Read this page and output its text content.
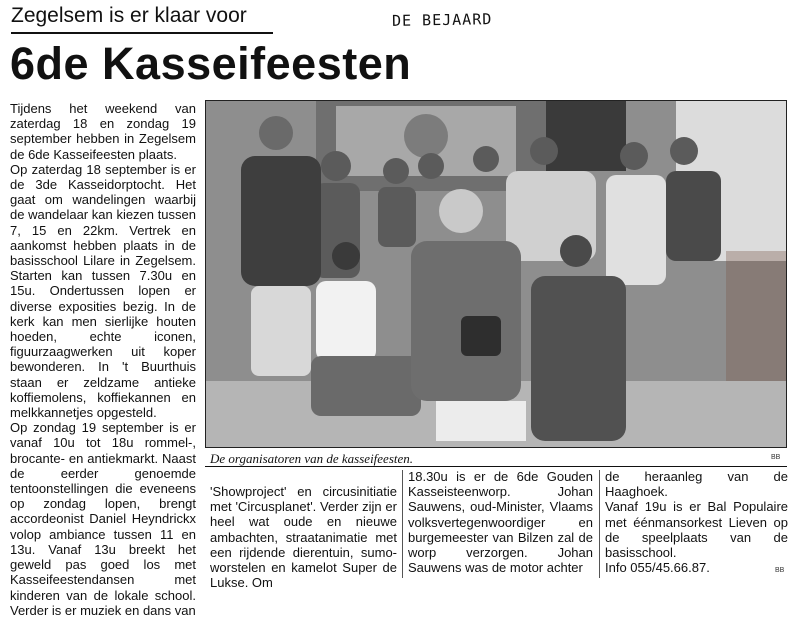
Zegelsem is er klaar voor	DE BEJAARD
6de Kasseifeesten

Tijdens het weekend van zaterdag 18 en zondag 19 september hebben in Zegelsem de 6de Kasseifeesten plaats.

Op zaterdag 18 september is er de 3de Kasseidorptocht. Het gaat om wandelingen waarbij de wandelaar kan kiezen tussen 7, 15 en 22km. Vertrek en aankomst hebben plaats in de basisschool Lilare in Zegelsem. Starten kan tussen 7.30u en 15u. Ondertussen lopen er diverse exposities bezig. In de kerk kan men sierlijke houten hoeden, echte iconen, figuurzaagwerken uit koper bewonderen. In 't Buurthuis staan er zeldzame antieke koffiemolens, koffiekannen en melkkannetjes opgesteld.

Op zondag 19 september is er vanaf 10u tot 18u rommel-, brocante- en antiekmarkt. Naast de eerder genoemde tentoonstellingen die eveneens op zondag lopen, brengt accordeonist Daniel Heyndrickx volop ambiance tussen 11 en 13u. Vanaf 13u breekt het geweld pas goed los met Kasseifeestendansen met kinderen van de lokale school. Verder is er muziek en dans van

De organisatoren van de kasseifeesten.	BB

'Showproject' en circusinitiatie met 'Circusplanet'. Verder zijn er heel wat oude en nieuwe ambachten, straatanimatie met een rijdende dierentuin, sumo-worstelen en kamelot Super de Lukse. Om

18.30u is er de 6de Gouden Kasseisteenworp. Johan Sauwens, oud-Minister, Vlaams volksvertegenwoordiger en burgemeester van Bilzen zal de worp verzorgen. Johan Sauwens was de motor achter

de heraanleg van de Haaghoek.

Vanaf 19u is er Bal Populaire met éénmansorkest Lieven op de speelplaats van de basisschool.

Info 055/45.66.87.	BB
